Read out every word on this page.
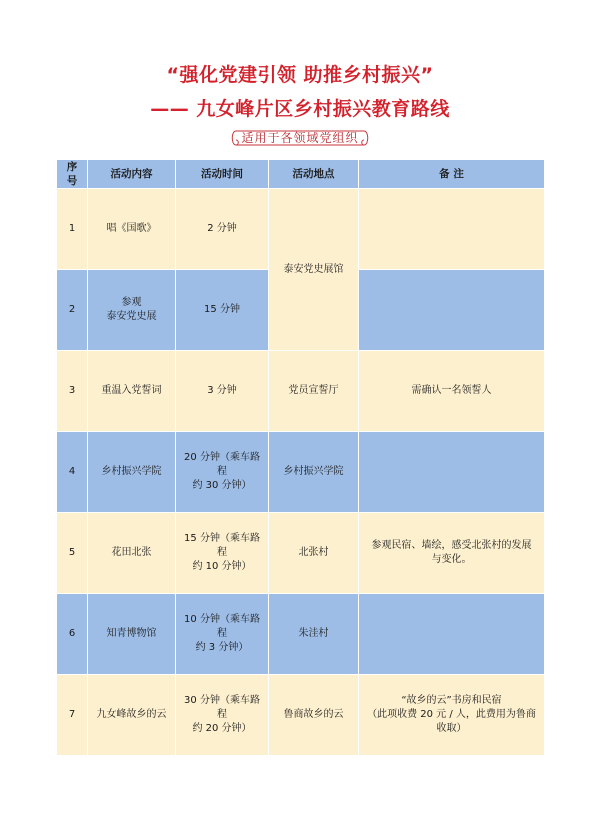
“强化党建引领 助推乡村振兴”
—— 九女峰片区乡村振兴教育路线
适用于各领域党组织
序号	活动内容	活动时间	活动地点	备 注
1	唱《国歌》	2 分钟	泰安党史展馆	
2	参观
泰安党史展	15 分钟		
3	重温入党誓词	3 分钟	党员宣誓厅	需确认一名领誓人
4	乡村振兴学院	20 分钟（乘车路程
约 30 分钟）	乡村振兴学院	
5	花田北张	15 分钟（乘车路程
约 10 分钟）	北张村	参观民宿、墙绘，感受北张村的发展
与变化。
6	知青博物馆	10 分钟（乘车路程
约 3 分钟）	朱洼村	
7	九女峰故乡的云	30 分钟（乘车路程
约 20 分钟）	鲁商故乡的云	“故乡的云”书房和民宿
（此项收费 20 元 / 人，此费用为鲁商
收取）
